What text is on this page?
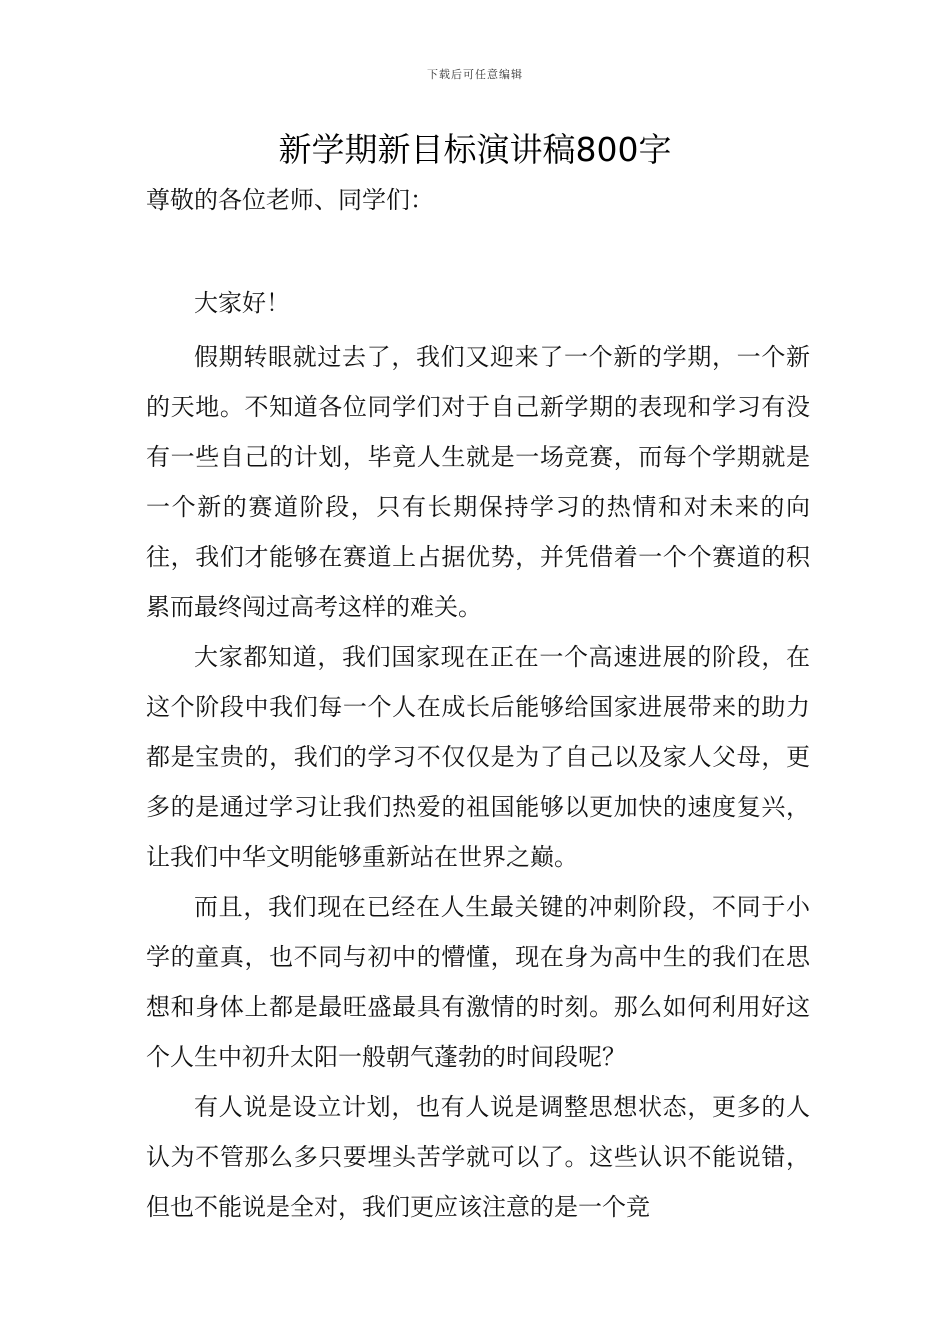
下载后可任意编辑
新学期新目标演讲稿800字

尊敬的各位老师、同学们：

大家好！

假期转眼就过去了，我们又迎来了一个新的学期，一个新的天地。不知道各位同学们对于自己新学期的表现和学习有没有一些自己的计划，毕竟人生就是一场竞赛，而每个学期就是一个新的赛道阶段，只有长期保持学习的热情和对未来的向往，我们才能够在赛道上占据优势，并凭借着一个个赛道的积累而最终闯过高考这样的难关。

大家都知道，我们国家现在正在一个高速进展的阶段，在这个阶段中我们每一个人在成长后能够给国家进展带来的助力都是宝贵的，我们的学习不仅仅是为了自己以及家人父母，更多的是通过学习让我们热爱的祖国能够以更加快的速度复兴，让我们中华文明能够重新站在世界之巅。

而且，我们现在已经在人生最关键的冲刺阶段，不同于小学的童真，也不同与初中的懵懂，现在身为高中生的我们在思想和身体上都是最旺盛最具有激情的时刻。那么如何利用好这个人生中初升太阳一般朝气蓬勃的时间段呢？

有人说是设立计划，也有人说是调整思想状态，更多的人认为不管那么多只要埋头苦学就可以了。这些认识不能说错，但也不能说是全对，我们更应该注意的是一个竞
